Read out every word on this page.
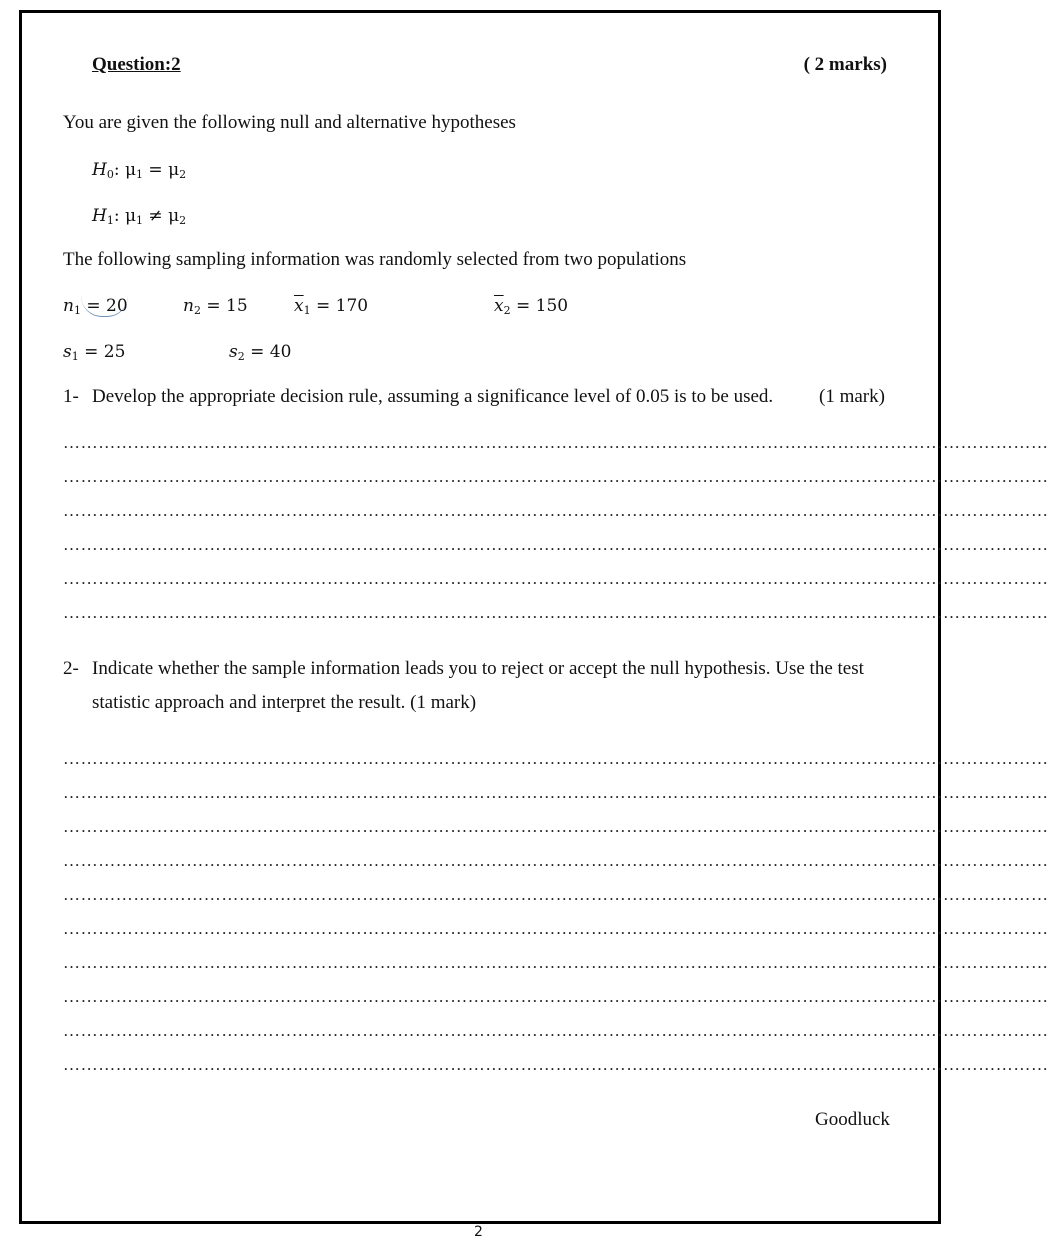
Question:2	( 2 marks)
You are given the following null and alternative hypotheses
$H_0$: $\mu_1 = \mu_2$
$H_1$: $\mu_1 \ne \mu_2$
The following sampling information was randomly selected from two populations
$n_1 = 20$	$n_2 = 15$	$\overline{x}_1 = 170$	$\overline{x}_2 = 150$
$s_1 = 25$	$s_2 = 40$
1- Develop the appropriate decision rule, assuming a significance level of 0.05 is to be used. (1 mark)
……………………………………………………………………………………………………………………………………………………
……………………………………………………………………………………………………………………………………………………
……………………………………………………………………………………………………………………………………………………
……………………………………………………………………………………………………………………………………………………
……………………………………………………………………………………………………………………………………………………
……………………………………………………………………………………………………………………………………………………
2- Indicate whether the sample information leads you to reject or accept the null hypothesis. Use the test
statistic approach and interpret the result. (1 mark)
……………………………………………………………………………………………………………………………………………………
……………………………………………………………………………………………………………………………………………………
……………………………………………………………………………………………………………………………………………………
……………………………………………………………………………………………………………………………………………………
……………………………………………………………………………………………………………………………………………………
……………………………………………………………………………………………………………………………………………………
……………………………………………………………………………………………………………………………………………………
……………………………………………………………………………………………………………………………………………………
……………………………………………………………………………………………………………………………………………………
……………………………………………………………………………………………………………………………………………………
Goodluck
2
